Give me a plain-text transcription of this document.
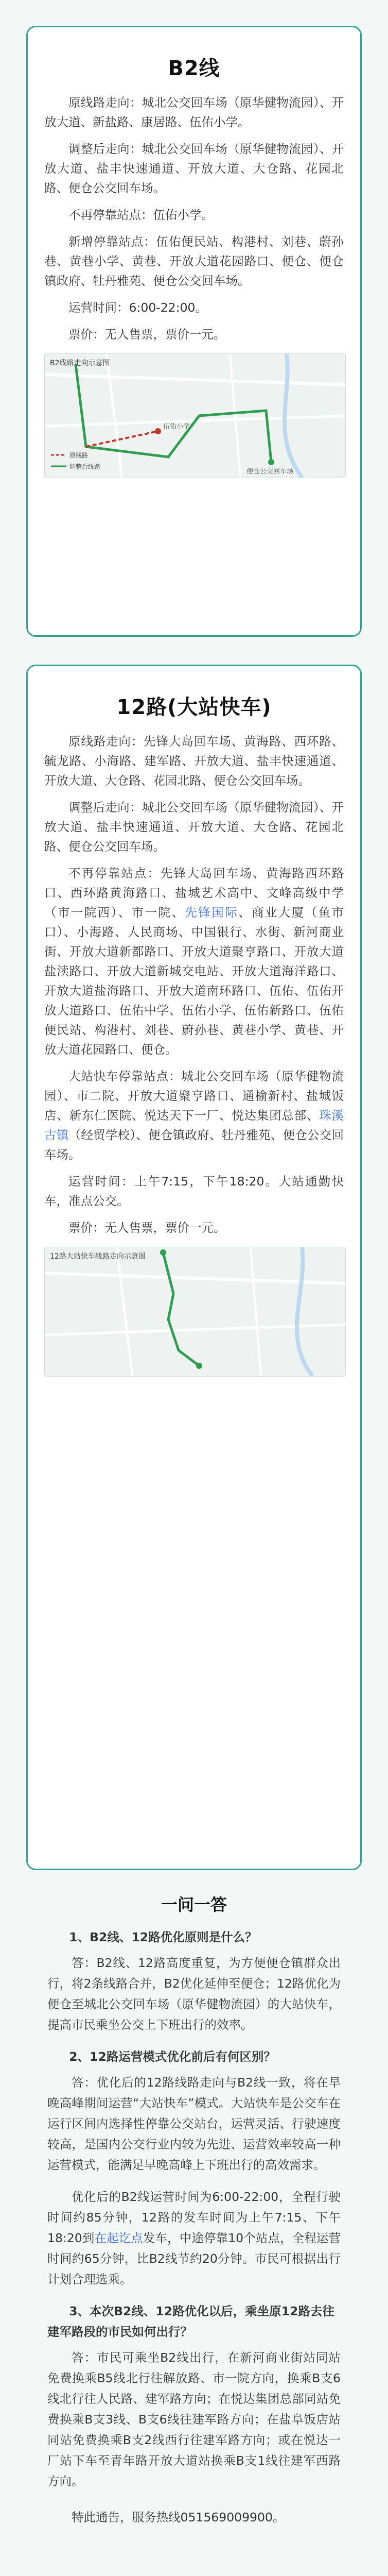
B2线

原线路走向：城北公交回车场（原华健物流园）、开放大道、新盐路、康居路、伍佑小学。

调整后走向：城北公交回车场（原华健物流园）、开放大道、盐丰快速通道、开放大道、大仓路、花园北路、便仓公交回车场。

不再停靠站点：伍佑小学。

新增停靠站点：伍佑便民站、构港村、刘巷、蔚孙巷、黄巷小学、黄巷、开放大道花园路口、便仓、便仓镇政府、牡丹雅苑、便仓公交回车场。

运营时间：6:00-22:00。

票价：无人售票，票价一元。

B2线路走向示意图
伍佑小学
便仓公交回车场
原线路
调整后线路
12路(大站快车)

原线路走向：先锋大岛回车场、黄海路、西环路、毓龙路、小海路、建军路、开放大道、盐丰快速通道、开放大道、大仓路、花园北路、便仓公交回车场。

调整后走向：城北公交回车场（原华健物流园）、开放大道、盐丰快速通道、开放大道、大仓路、花园北路、便仓公交回车场。

不再停靠站点：先锋大岛回车场、黄海路西环路口、西环路黄海路口、盐城艺术高中、文峰高级中学（市一院西）、市一院、先锋国际、商业大厦（鱼市口）、小海路、人民商场、中国银行、水街、新河商业街、开放大道新都路口、开放大道聚亨路口、开放大道盐渎路口、开放大道新城交电站、开放大道海洋路口、开放大道盐海路口、开放大道南环路口、伍佑、伍佑开放大道路口、伍佑中学、伍佑小学、伍佑新路口、伍佑便民站、构港村、刘巷、蔚孙巷、黄巷小学、黄巷、开放大道花园路口、便仓。

大站快车停靠站点：城北公交回车场（原华健物流园）、市二院、开放大道聚亨路口、通榆新村、盐城饭店、新东仁医院、悦达天下一厂、悦达集团总部、珠溪古镇（经贸学校）、便仓镇政府、牡丹雅苑、便仓公交回车场。

运营时间：上午7:15，下午18:20。大站通勤快车，准点公交。

票价：无人售票，票价一元。

12路大站快车线路走向示意图
一问一答

1、B2线、12路优化原则是什么？

答：B2线、12路高度重复，为方便便仓镇群众出行，将2条线路合并，B2优化延伸至便仓；12路优化为便仓至城北公交回车场（原华健物流园）的大站快车，提高市民乘坐公交上下班出行的效率。

2、12路运营模式优化前后有何区别？

答：优化后的12路线路走向与B2线一致，将在早晚高峰期间运营“大站快车”模式。大站快车是公交车在运行区间内选择性停靠公交站台，运营灵活、行驶速度较高，是国内公交行业内较为先进、运营效率较高一种运营模式，能满足早晚高峰上下班出行的高效需求。

优化后的B2线运营时间为6:00-22:00，全程行驶时间约85分钟，12路的发车时间为上午7:15、下午18:20到在起讫点发车，中途停靠10个站点，全程运营时间约65分钟，比B2线节约20分钟。市民可根据出行计划合理选乘。

3、本次B2线、12路优化以后，乘坐原12路去往建军路段的市民如何出行？

答：市民可乘坐B2线出行，在新河商业街站同站免费换乘B5线北行往解放路、市一院方向，换乘B支6线北行往人民路、建军路方向；在悦达集团总部同站免费换乘B支3线、B支6线往建军路方向；在盐阜饭店站同站免费换乘B支2线西行往建军路方向；或在悦达一厂站下车至青年路开放大道站换乘B支1线往建军西路方向。

特此通告，服务热线051569009900。
